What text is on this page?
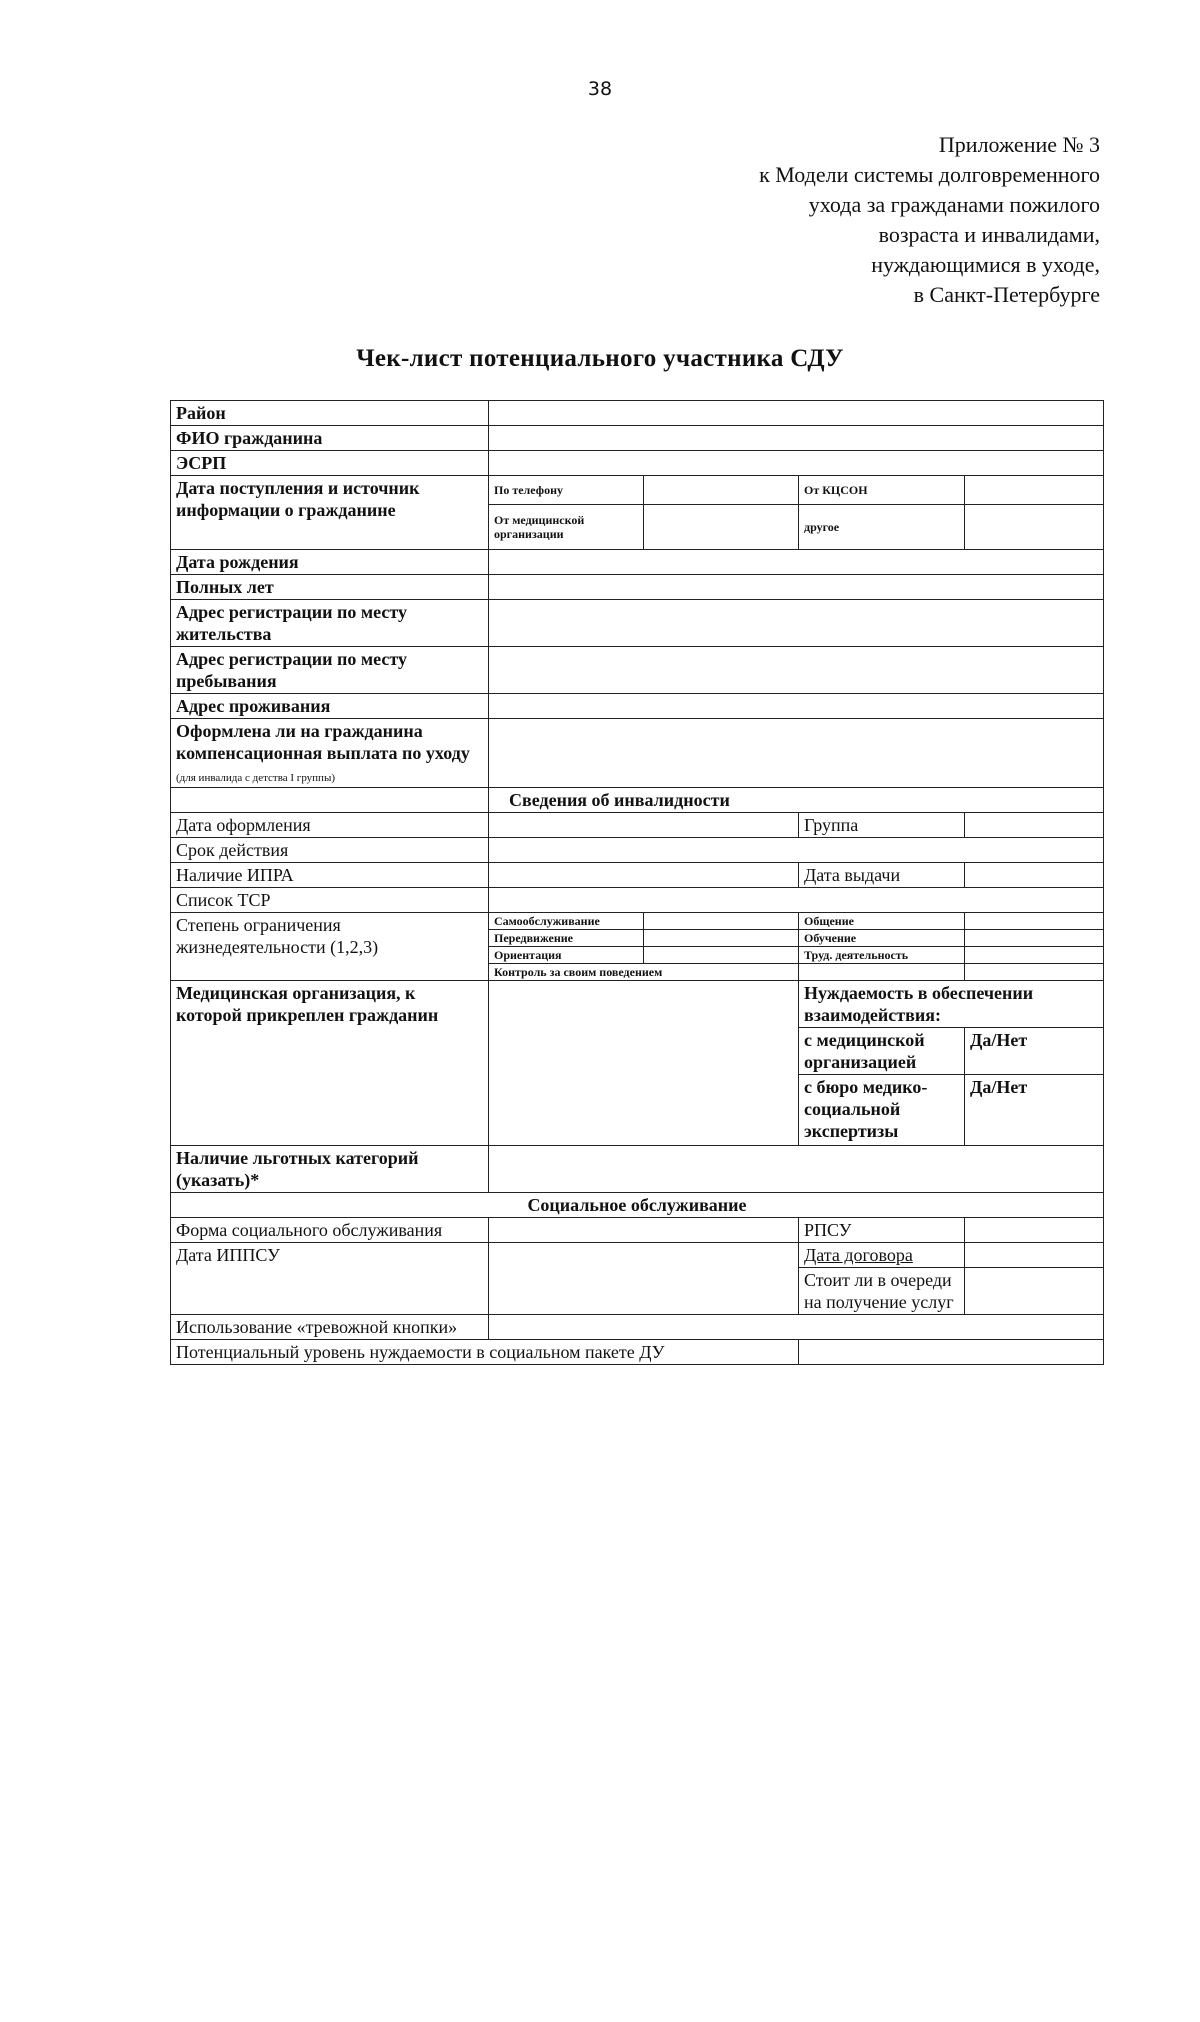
38
Приложение № 3
к Модели системы долговременного
ухода за гражданами пожилого
возраста и инвалидами,
нуждающимися в уходе,
в Санкт-Петербурге
Чек-лист потенциального участника СДУ
Район				
ФИО гражданина				
ЭСРП				
Дата поступления и источник информации о гражданине	По телефону		От КЦСОН	
	От медицинской организации		другое	
Дата рождения				
Полных лет				
Адрес регистрации по месту жительства				
Адрес регистрации по месту пребывания				
Адрес проживания				
Оформлена ли на гражданина компенсационная выплата по уходу (для инвалида с детства I группы)				
	Сведения об инвалидности			
Дата оформления			Группа	
Срок действия				
Наличие ИПРА			Дата выдачи	
Список ТСР				
Степень ограничения жизнедеятельности (1,2,3)	Самообслуживание		Общение	
	Передвижение		Обучение	
	Ориентация		Труд. деятельность	
	Контроль за своим поведением			
Медицинская организация, к которой прикреплен гражданин			Нуждаемость в обеспечении взаимодействия:	
			с медицинской организацией	Да/Нет
			с бюро медико-социальной экспертизы	Да/Нет
Наличие льготных категорий (указать)*				
Социальное обслуживание				
Форма социального обслуживания			РПСУ	
Дата ИППСУ			Дата договора	
			Стоит ли в очереди на получение услуг	
Использование «тревожной кнопки»				
Потенциальный уровень нуждаемости в социальном пакете ДУ				
